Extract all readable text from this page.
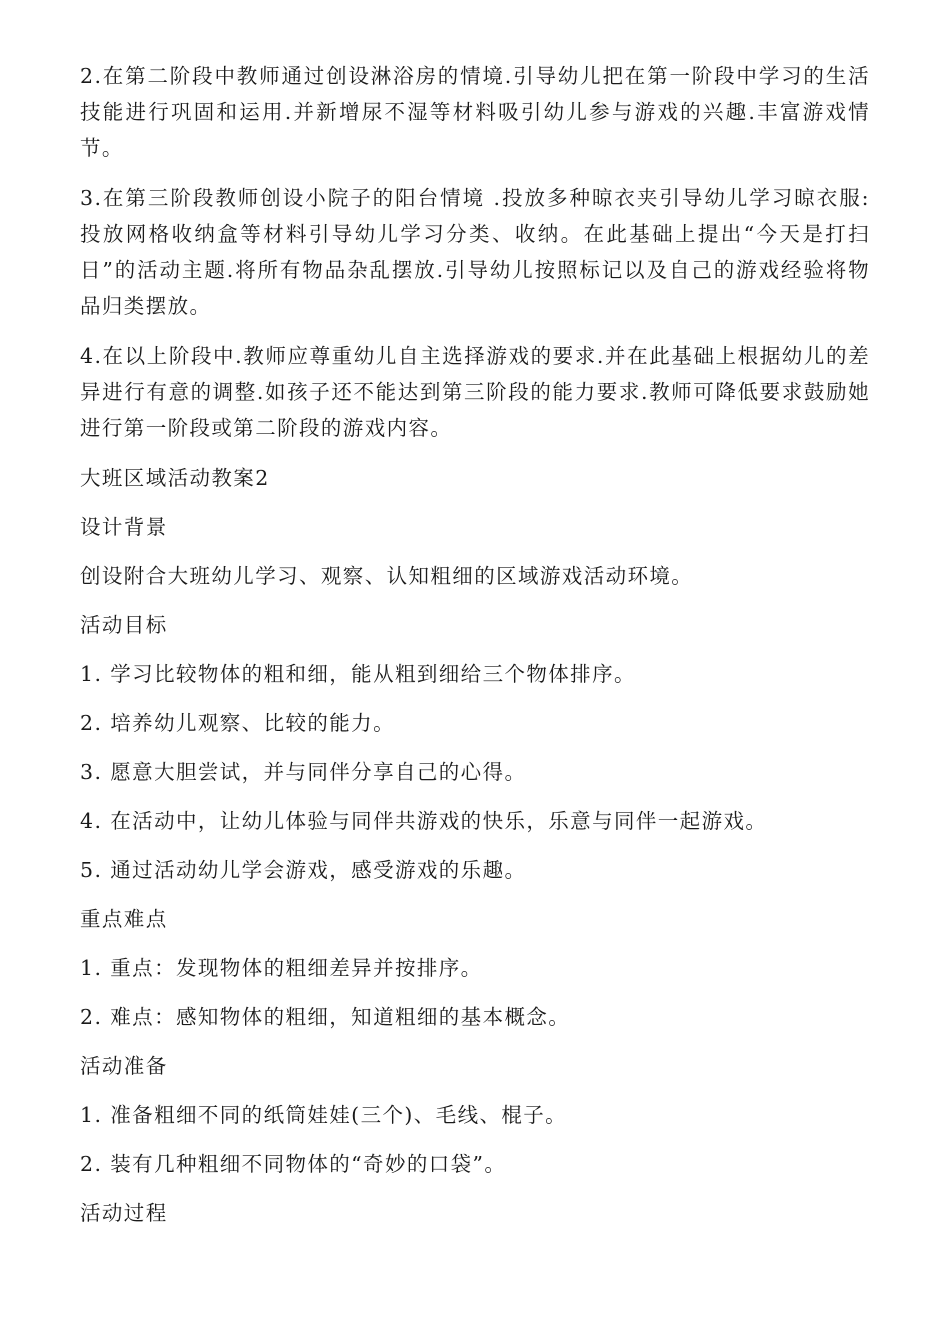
2.在第二阶段中教师通过创设淋浴房的情境.引导幼儿把在第一阶段中学习的生活技能进行巩固和运用.并新增尿不湿等材料吸引幼儿参与游戏的兴趣.丰富游戏情节。

3.在第三阶段教师创设小院子的阳台情境 .投放多种晾衣夹引导幼儿学习晾衣服:投放网格收纳盒等材料引导幼儿学习分类、收纳。在此基础上提出“今天是打扫日”的活动主题.将所有物品杂乱摆放.引导幼儿按照标记以及自己的游戏经验将物品归类摆放。

4.在以上阶段中.教师应尊重幼儿自主选择游戏的要求.并在此基础上根据幼儿的差异进行有意的调整.如孩子还不能达到第三阶段的能力要求.教师可降低要求鼓励她进行第一阶段或第二阶段的游戏内容。

大班区域活动教案2

设计背景

创设附合大班幼儿学习、观察、认知粗细的区域游戏活动环境。

活动目标

1. 学习比较物体的粗和细，能从粗到细给三个物体排序。

2. 培养幼儿观察、比较的能力。

3. 愿意大胆尝试，并与同伴分享自己的心得。

4. 在活动中，让幼儿体验与同伴共游戏的快乐，乐意与同伴一起游戏。

5. 通过活动幼儿学会游戏，感受游戏的乐趣。

重点难点

1. 重点：发现物体的粗细差异并按排序。

2. 难点：感知物体的粗细，知道粗细的基本概念。

活动准备

1. 准备粗细不同的纸筒娃娃(三个)、毛线、棍子。

2. 装有几种粗细不同物体的“奇妙的口袋”。

活动过程
